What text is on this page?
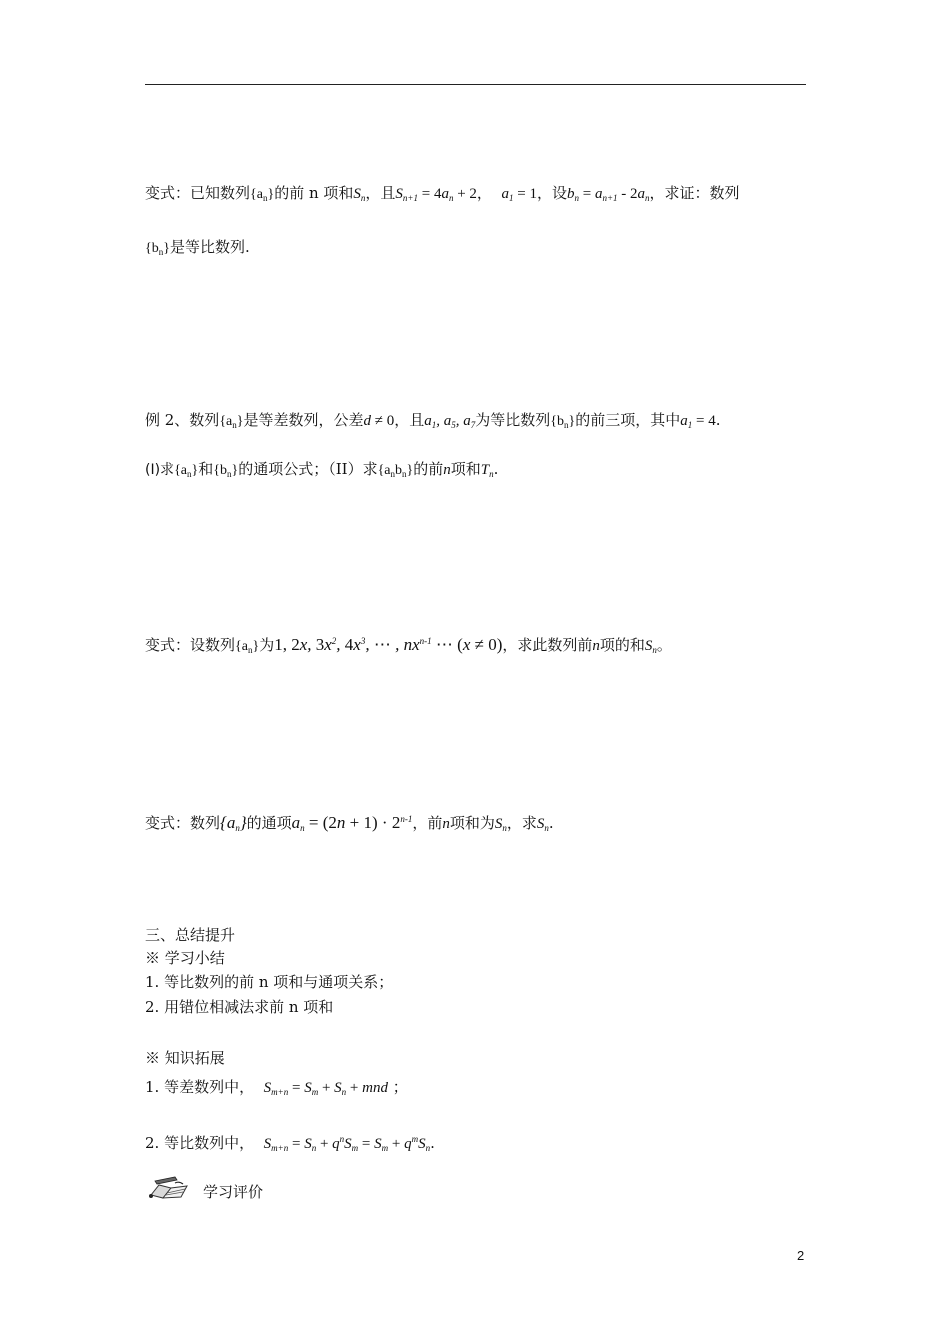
变式：已知数列$\{a_n\}$的前 n 项和$S_n$，且$S_{n+1} = 4a_n + 2$， $a_1 = 1$，设$b_n = a_{n+1} - 2a_n$，求证：数列
$\{b_n\}$是等比数列.
例 2、数列$\{a_n\}$是等差数列，公差d ≠ 0，且$a_1$, $a_5$, $a_7$为等比数列$\{b_n\}$的前三项，其中$a_1 = 4$.
(I)求$\{a_n\}$和$\{b_n\}$的通项公式；（II）求$\{a_nb_n\}$的前n项和$T_n$.
变式：设数列$\{a_n\}$为1, 2x, $3x^2$, $4x^3$, ⋯ , $nx^{n-1}$ ⋯ (x ≠ 0)，求此数列前n项的和$S_n$。
变式：数列$\{a_n\}$的通项$a_n = (2n + 1) \cdot 2^{n-1}$，前n项和为$S_n$，求$S_n$.
三、总结提升
※ 学习小结
1. 等比数列的前 n 项和与通项关系；
2. 用错位相减法求前 n 项和
※ 知识拓展
1. 等差数列中， $S_{m+n} = S_m + S_n$ + mnd ；
2. 等比数列中， $S_{m+n} = S_n + q^nS_m = S_m + q^mS_n$.
学习评价
2
